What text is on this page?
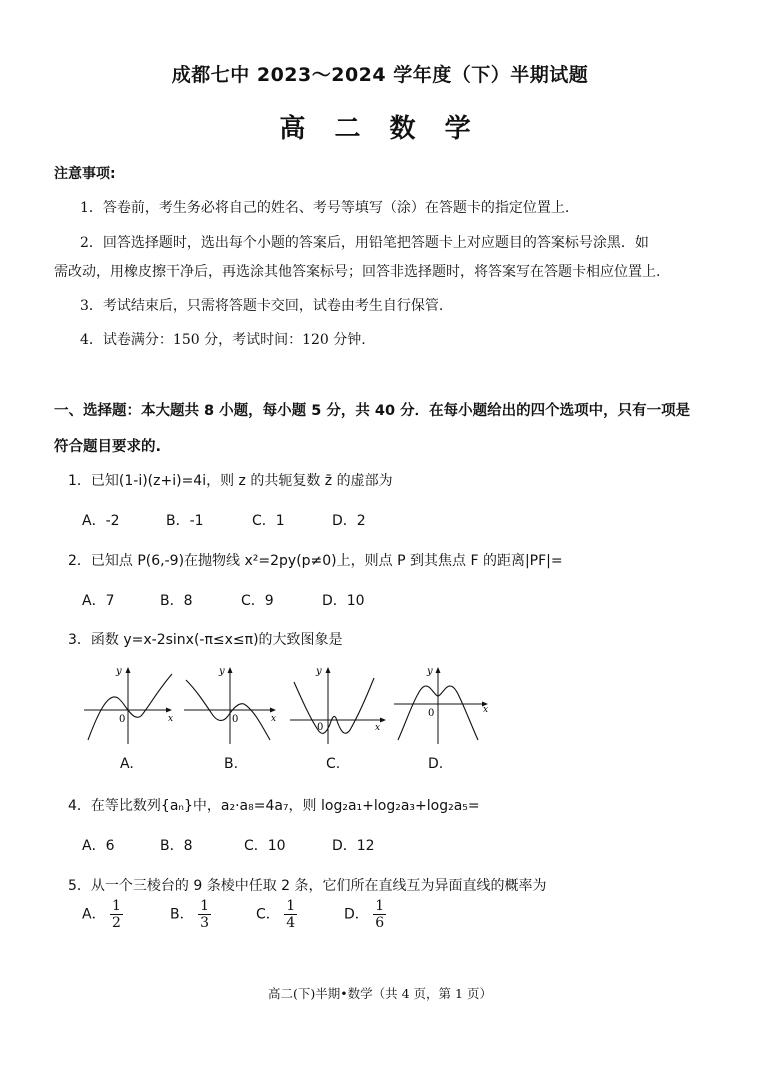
成都七中 2023～2024 学年度（下）半期试题
高 二 数 学
注意事项:
1．答卷前，考生务必将自己的姓名、考号等填写（涂）在答题卡的指定位置上.
2．回答选择题时，选出每个小题的答案后，用铅笔把答题卡上对应题目的答案标号涂黑．如
需改动，用橡皮擦干净后，再选涂其他答案标号；回答非选择题时，将答案写在答题卡相应位置上.
3．考试结束后，只需将答题卡交回，试卷由考生自行保管.
4．试卷满分：150 分，考试时间：120 分钟.
一、选择题：本大题共 8 小题，每小题 5 分，共 40 分．在每小题给出的四个选项中，只有一项是
符合题目要求的.
1．已知(1-i)(z+i)=4i，则 z 的共轭复数 z̄ 的虚部为
A．-2	B．-1	C．1	D．2
2．已知点 P(6,-9)在抛物线 x²=2py(p≠0)上，则点 P 到其焦点 F 的距离|PF|=
A．7	B．8	C．9	D．10
3．函数 y=x-2sinx(-π≤x≤π)的大致图象是
y
x
0
y
x
0
y
x
0
y
x
0
A.	B.	C.	D.
4．在等比数列{aₙ}中，a₂·a₈=4a₇，则 log₂a₁+log₂a₃+log₂a₅=
A．6	B．8	C．10	D．12
5．从一个三棱台的 9 条棱中任取 2 条，它们所在直线互为异面直线的概率为
A． $\frac{1}{2}$	B． $\frac{1}{3}$	C． $\frac{1}{4}$	D． $\frac{1}{6}$
高二(下)半期•数学（共 4 页，第 1 页）
